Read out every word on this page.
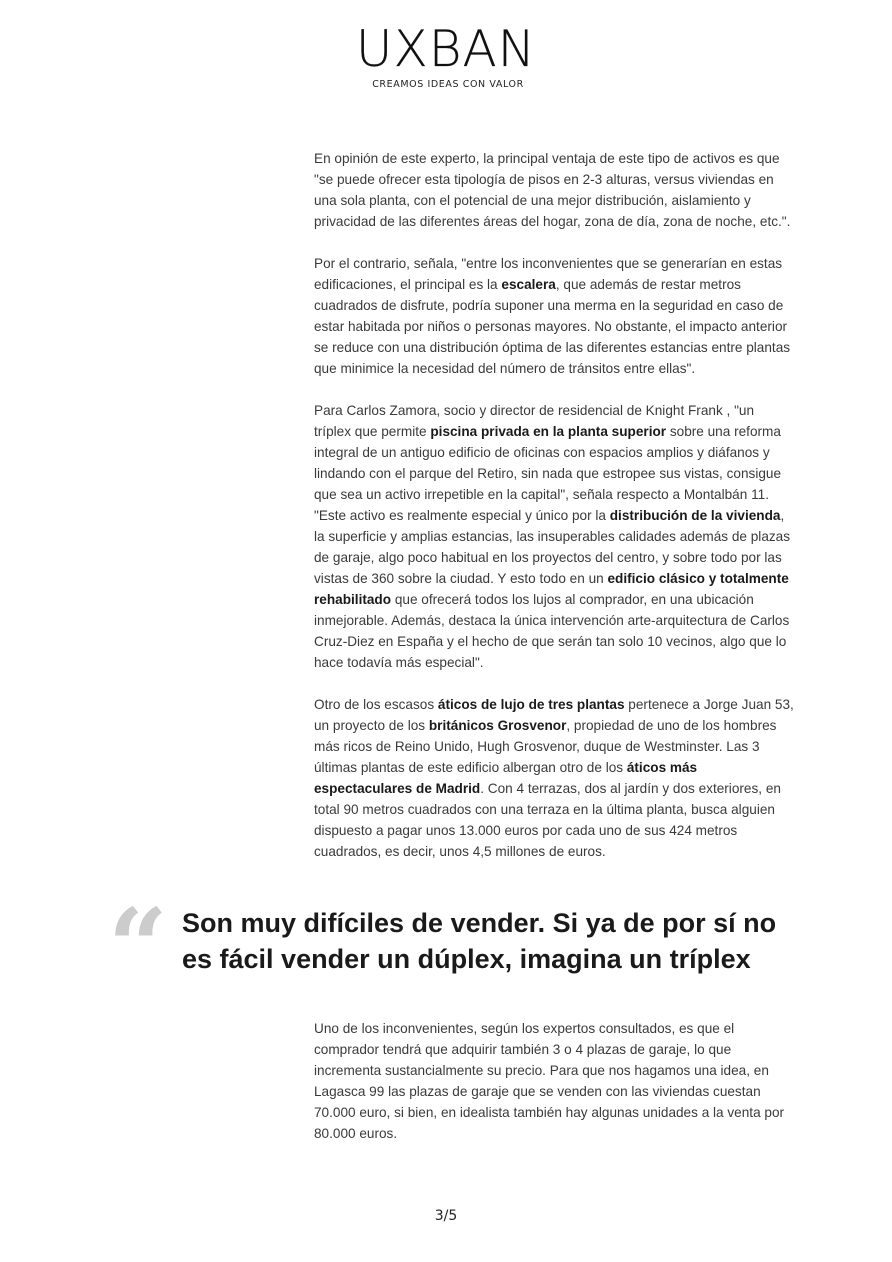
UXBAN
CREAMOS IDEAS CON VALOR

En opinión de este experto, la principal ventaja de este tipo de activos es que "se puede ofrecer esta tipología de pisos en 2-3 alturas, versus viviendas en una sola planta, con el potencial de una mejor distribución, aislamiento y privacidad de las diferentes áreas del hogar, zona de día, zona de noche, etc.".

Por el contrario, señala, "entre los inconvenientes que se generarían en estas edificaciones, el principal es la escalera, que además de restar metros cuadrados de disfrute, podría suponer una merma en la seguridad en caso de estar habitada por niños o personas mayores. No obstante, el impacto anterior se reduce con una distribución óptima de las diferentes estancias entre plantas que minimice la necesidad del número de tránsitos entre ellas".

Para Carlos Zamora, socio y director de residencial de Knight Frank , "un tríplex que permite piscina privada en la planta superior sobre una reforma integral de un antiguo edificio de oficinas con espacios amplios y diáfanos y lindando con el parque del Retiro, sin nada que estropee sus vistas, consigue que sea un activo irrepetible en la capital", señala respecto a Montalbán 11. "Este activo es realmente especial y único por la distribución de la vivienda, la superficie y amplias estancias, las insuperables calidades además de plazas de garaje, algo poco habitual en los proyectos del centro, y sobre todo por las vistas de 360 sobre la ciudad. Y esto todo en un edificio clásico y totalmente rehabilitado que ofrecerá todos los lujos al comprador, en una ubicación inmejorable. Además, destaca la única intervención arte-arquitectura de Carlos Cruz-Diez en España y el hecho de que serán tan solo 10 vecinos, algo que lo hace todavía más especial".

Otro de los escasos áticos de lujo de tres plantas pertenece a Jorge Juan 53, un proyecto de los británicos Grosvenor, propiedad de uno de los hombres más ricos de Reino Unido, Hugh Grosvenor, duque de Westminster. Las 3 últimas plantas de este edificio albergan otro de los áticos más espectaculares de Madrid. Con 4 terrazas, dos al jardín y dos exteriores, en total 90 metros cuadrados con una terraza en la última planta, busca alguien dispuesto a pagar unos 13.000 euros por cada uno de sus 424 metros cuadrados, es decir, unos 4,5 millones de euros.

“ Son muy difíciles de vender. Si ya de por sí no es fácil vender un dúplex, imagina un tríplex

Uno de los inconvenientes, según los expertos consultados, es que el comprador tendrá que adquirir también 3 o 4 plazas de garaje, lo que incrementa sustancialmente su precio. Para que nos hagamos una idea, en Lagasca 99 las plazas de garaje que se venden con las viviendas cuestan 70.000 euro, si bien, en idealista también hay algunas unidades a la venta por 80.000 euros.

3/5
